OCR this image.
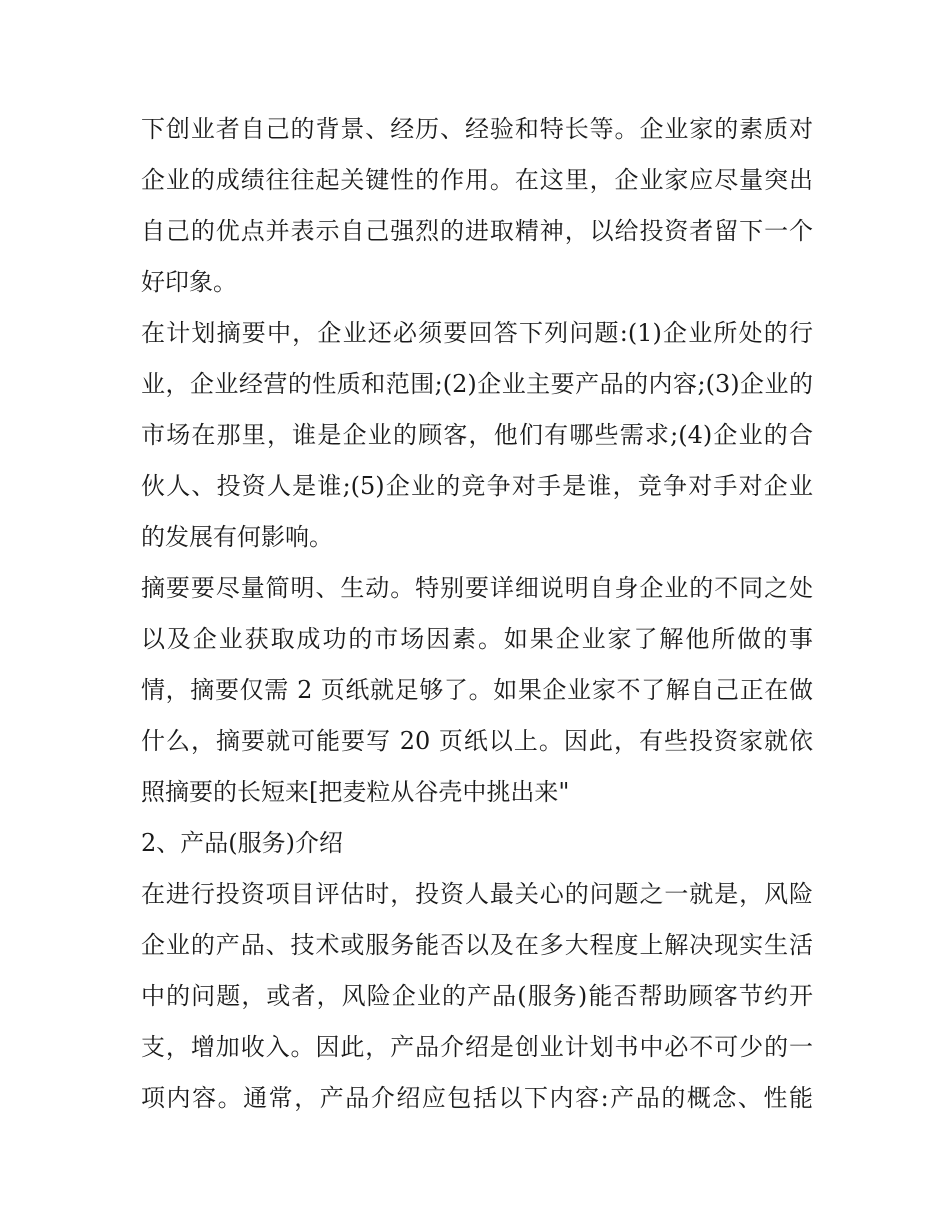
下创业者自己的背景、经历、经验和特长等。企业家的素质对
企业的成绩往往起关键性的作用。在这里，企业家应尽量突出
自己的优点并表示自己强烈的进取精神，以给投资者留下一个
好印象。
在计划摘要中，企业还必须要回答下列问题:(1)企业所处的行
业，企业经营的性质和范围;(2)企业主要产品的内容;(3)企业的
市场在那里，谁是企业的顾客，他们有哪些需求;(4)企业的合
伙人、投资人是谁;(5)企业的竞争对手是谁，竞争对手对企业
的发展有何影响。
摘要要尽量简明、生动。特别要详细说明自身企业的不同之处
以及企业获取成功的市场因素。如果企业家了解他所做的事
情，摘要仅需 2 页纸就足够了。如果企业家不了解自己正在做
什么，摘要就可能要写 20 页纸以上。因此，有些投资家就依
照摘要的长短来[把麦粒从谷壳中挑出来"
2、产品(服务)介绍
在进行投资项目评估时，投资人最关心的问题之一就是，风险
企业的产品、技术或服务能否以及在多大程度上解决现实生活
中的问题，或者，风险企业的产品(服务)能否帮助顾客节约开
支，增加收入。因此，产品介绍是创业计划书中必不可少的一
项内容。通常，产品介绍应包括以下内容:产品的概念、性能
